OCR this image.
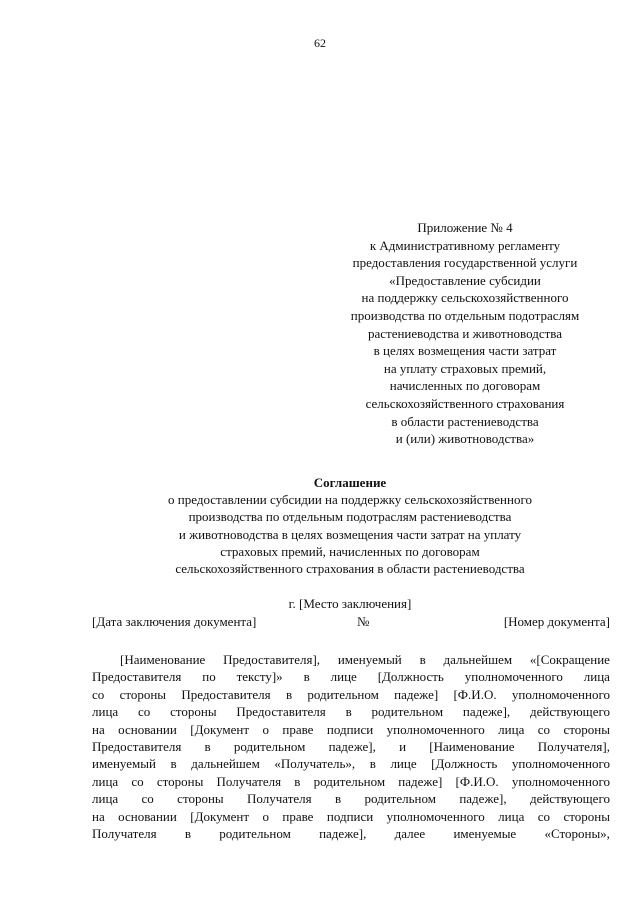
62
Приложение № 4
к Административному регламенту
предоставления государственной услуги
«Предоставление субсидии
на поддержку сельскохозяйственного
производства по отдельным подотраслям
растениеводства и животноводства
в целях возмещения части затрат
на уплату страховых премий,
начисленных по договорам
сельскохозяйственного страхования
в области растениеводства
и (или) животноводства»
Соглашение
о предоставлении субсидии на поддержку сельскохозяйственного
производства по отдельным подотраслям растениеводства
и животноводства в целях возмещения части затрат на уплату
страховых премий, начисленных по договорам
сельскохозяйственного страхования в области растениеводства
г. [Место заключения]
[Дата заключения документа]	№	[Номер документа]
[Наименование Предоставителя], именуемый в дальнейшем «[Сокращение
Предоставителя по тексту]» в лице [Должность уполномоченного лица
со стороны Предоставителя в родительном падеже] [Ф.И.О. уполномоченного
лица со стороны Предоставителя в родительном падеже], действующего
на основании [Документ о праве подписи уполномоченного лица со стороны
Предоставителя в родительном падеже], и [Наименование Получателя],
именуемый в дальнейшем «Получатель», в лице [Должность уполномоченного
лица со стороны Получателя в родительном падеже] [Ф.И.О. уполномоченного
лица со стороны Получателя в родительном падеже], действующего
на основании [Документ о праве подписи уполномоченного лица со стороны
Получателя в родительном падеже], далее именуемые «Стороны»,
